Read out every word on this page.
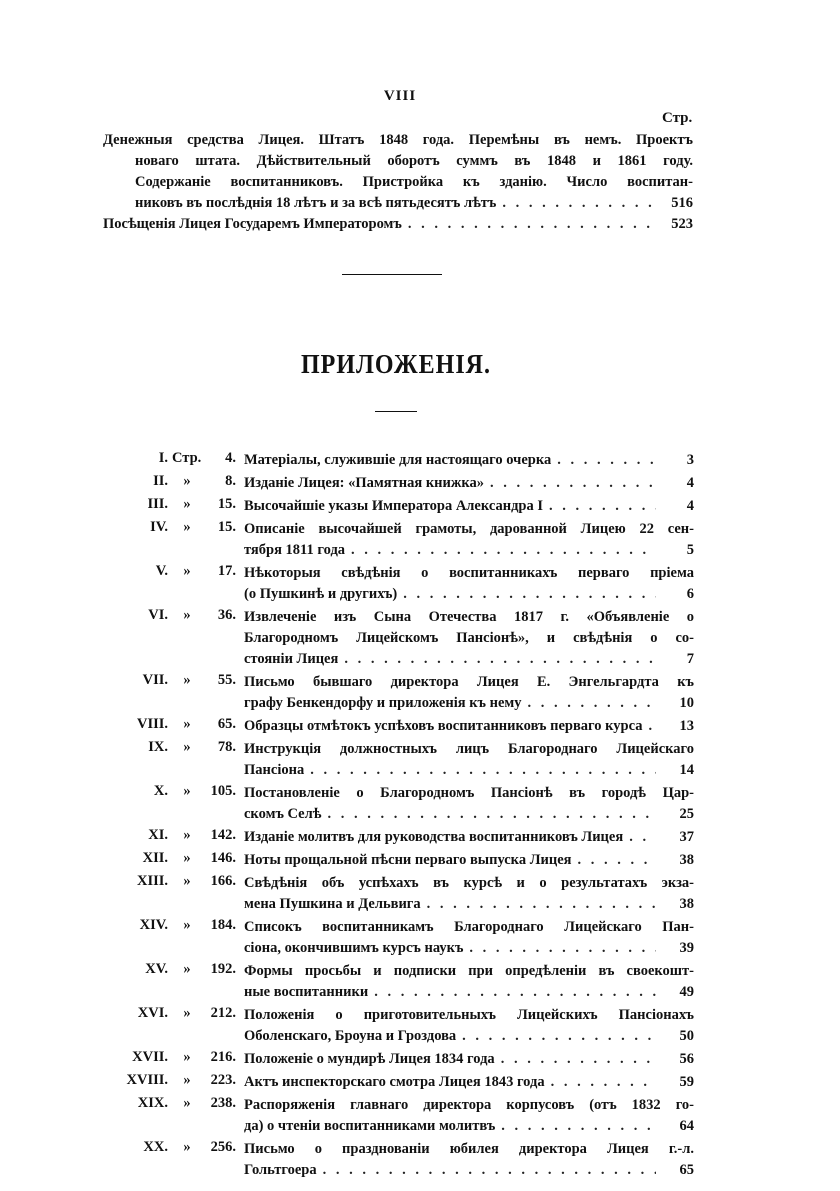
VIII
Стр.
Денежныя средства Лицея. Штатъ 1848 года. Перемѣны въ немъ. Проектъ
новаго штата. Дѣйствительный оборотъ суммъ въ 1848 и 1861 году.
Содержаніе воспитанниковъ. Пристройка къ зданію. Число воспитан-
никовъ въ послѣднія 18 лѣтъ и за всѣ пятьдесятъ лѣтъ . . .	516
Посѣщенія Лицея Государемъ Императоромъ . . .	523
ПРИЛОЖЕНІЯ.
I. Стр.	4. Матеріалы, служившіе для настоящаго очерка . . .	3
II. »	8. Изданіе Лицея: «Памятная книжка» . . .	4
III. »	15. Высочайшіе указы Императора Александра I . . .	4
IV. »	15. Описаніе высочайшей грамоты, дарованной Лицею 22 сен-
тября 1811 года . . .	5
V. »	17. Нѣкоторыя свѣдѣнія о воспитанникахъ перваго пріема
(о Пушкинѣ и другихъ) . . .	6
VI. »	36. Извлеченіе изъ Сына Отечества 1817 г. «Объявленіе о
Благородномъ Лицейскомъ Пансіонѣ», и свѣдѣнія о со-
стояніи Лицея . . .	7
VII. »	55. Письмо бывшаго директора Лицея Е. Энгельгардта къ
графу Бенкендорфу и приложенія къ нему . . .	10
VIII. »	65. Образцы отмѣтокъ успѣховъ воспитанниковъ перваго курса . . .	13
IX. »	78. Инструкція должностныхъ лицъ Благороднаго Лицейскаго
Пансіона . . .	14
X. »	105. Постановленіе о Благородномъ Пансіонѣ въ городѣ Цар-
скомъ Селѣ . . .	25
XI. »	142. Изданіе молитвъ для руководства воспитанниковъ Лицея . . .	37
XII. »	146. Ноты прощальной пѣсни перваго выпуска Лицея . . .	38
XIII. »	166. Свѣдѣнія объ успѣхахъ въ курсѣ и о результатахъ экза-
мена Пушкина и Дельвига . . .	38
XIV. »	184. Списокъ воспитанникамъ Благороднаго Лицейскаго Пан-
сіона, окончившимъ курсъ наукъ . . .	39
XV. »	192. Формы просьбы и подписки при опредѣленіи въ своекошт-
ные воспитанники . . .	49
XVI. »	212. Положенія о приготовительныхъ Лицейскихъ Пансіонахъ
Оболенскаго, Броуна и Гроздова . . .	50
XVII. »	216. Положеніе о мундирѣ Лицея 1834 года . . .	56
XVIII. »	223. Актъ инспекторскаго смотра Лицея 1843 года . . .	59
XIX. »	238. Распоряженія главнаго директора корпусовъ (отъ 1832 го-
да) о чтеніи воспитанниками молитвъ . . .	64
XX. »	256. Письмо о празднованіи юбилея директора Лицея г.-л.
Гольтгоера . . .	65
